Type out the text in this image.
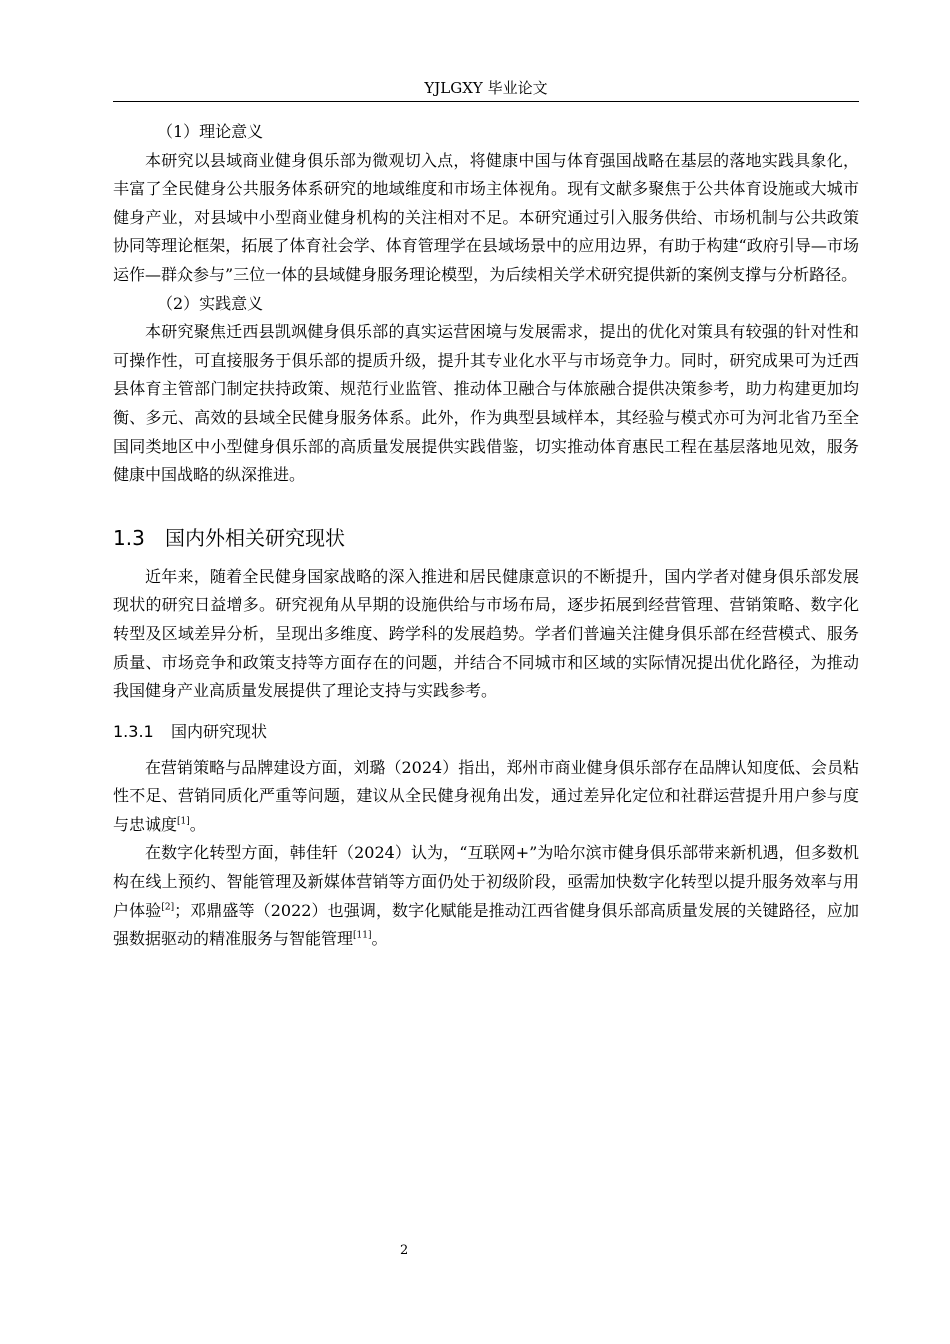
YJLGXY 毕业论文

（1）理论意义

本研究以县域商业健身俱乐部为微观切入点，将健康中国与体育强国战略在基层的落地实践具象化，丰富了全民健身公共服务体系研究的地域维度和市场主体视角。现有文献多聚焦于公共体育设施或大城市健身产业，对县域中小型商业健身机构的关注相对不足。本研究通过引入服务供给、市场机制与公共政策协同等理论框架，拓展了体育社会学、体育管理学在县域场景中的应用边界，有助于构建“政府引导—市场运作—群众参与”三位一体的县域健身服务理论模型，为后续相关学术研究提供新的案例支撑与分析路径。

（2）实践意义

本研究聚焦迁西县凯飒健身俱乐部的真实运营困境与发展需求，提出的优化对策具有较强的针对性和可操作性，可直接服务于俱乐部的提质升级，提升其专业化水平与市场竞争力。同时，研究成果可为迁西县体育主管部门制定扶持政策、规范行业监管、推动体卫融合与体旅融合提供决策参考，助力构建更加均衡、多元、高效的县域全民健身服务体系。此外，作为典型县域样本，其经验与模式亦可为河北省乃至全国同类地区中小型健身俱乐部的高质量发展提供实践借鉴，切实推动体育惠民工程在基层落地见效，服务健康中国战略的纵深推进。

1.3 国内外相关研究现状

近年来，随着全民健身国家战略的深入推进和居民健康意识的不断提升，国内学者对健身俱乐部发展现状的研究日益增多。研究视角从早期的设施供给与市场布局，逐步拓展到经营管理、营销策略、数字化转型及区域差异分析，呈现出多维度、跨学科的发展趋势。学者们普遍关注健身俱乐部在经营模式、服务质量、市场竞争和政策支持等方面存在的问题，并结合不同城市和区域的实际情况提出优化路径，为推动我国健身产业高质量发展提供了理论支持与实践参考。

1.3.1 国内研究现状

在营销策略与品牌建设方面，刘璐（2024）指出，郑州市商业健身俱乐部存在品牌认知度低、会员粘性不足、营销同质化严重等问题，建议从全民健身视角出发，通过差异化定位和社群运营提升用户参与度与忠诚度[1]。

在数字化转型方面，韩佳轩（2024）认为，“互联网+”为哈尔滨市健身俱乐部带来新机遇，但多数机构在线上预约、智能管理及新媒体营销等方面仍处于初级阶段，亟需加快数字化转型以提升服务效率与用户体验[2]；邓鼎盛等（2022）也强调，数字化赋能是推动江西省健身俱乐部高质量发展的关键路径，应加强数据驱动的精准服务与智能管理[11]。

2
